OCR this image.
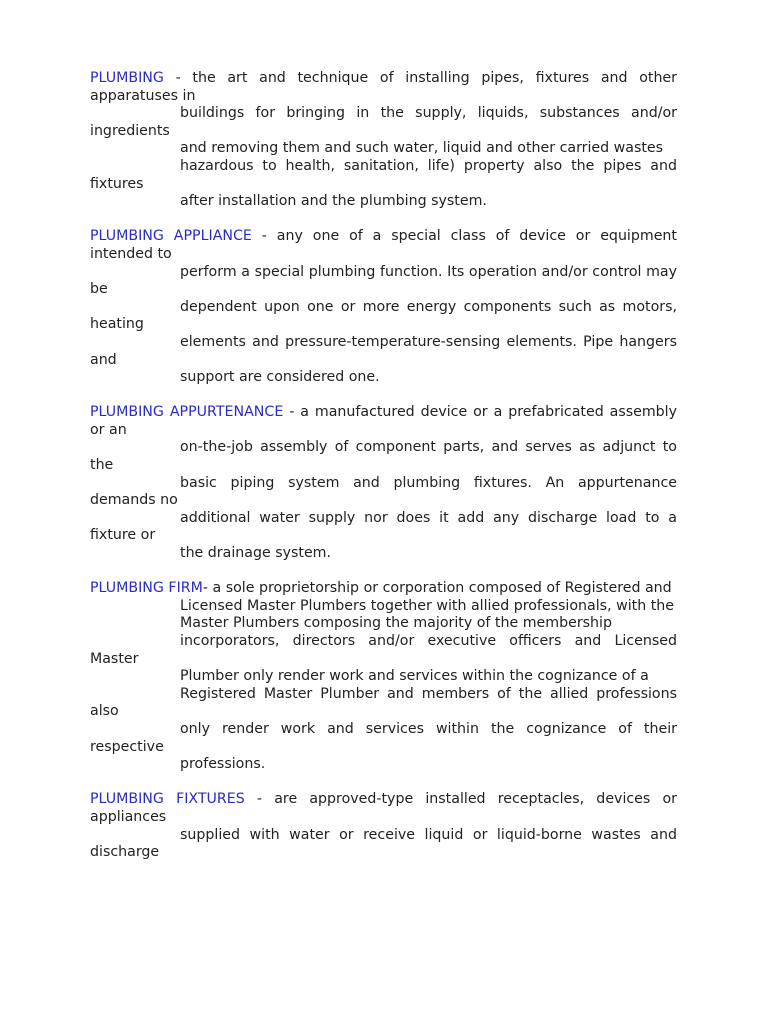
PLUMBING - the art and technique of installing pipes, fixtures and other apparatuses in
buildings for bringing in the supply, liquids, substances and/or ingredients
and removing them and such water, liquid and other carried wastes
hazardous to health, sanitation, life) property also the pipes and fixtures
after installation and the plumbing system.
PLUMBING APPLIANCE - any one of a special class of device or equipment intended to
perform a special plumbing function. Its operation and/or control may be
dependent upon one or more energy components such as motors, heating
elements and pressure-temperature-sensing elements. Pipe hangers and
support are considered one.
PLUMBING APPURTENANCE - a manufactured device or a prefabricated assembly or an
on-the-job assembly of component parts, and serves as adjunct to the
basic piping system and plumbing fixtures. An appurtenance demands no
additional water supply nor does it add any discharge load to a fixture or
the drainage system.
PLUMBING FIRM- a sole proprietorship or corporation composed of Registered and
Licensed Master Plumbers together with allied professionals, with the
Master Plumbers composing the majority of the membership
incorporators, directors and/or executive officers and Licensed Master
Plumber only render work and services within the cognizance of a
Registered Master Plumber and members of the allied professions also
only render work and services within the cognizance of their respective
professions.
PLUMBING FIXTURES - are approved-type installed receptacles, devices or appliances
supplied with water or receive liquid or liquid-borne wastes and discharge
